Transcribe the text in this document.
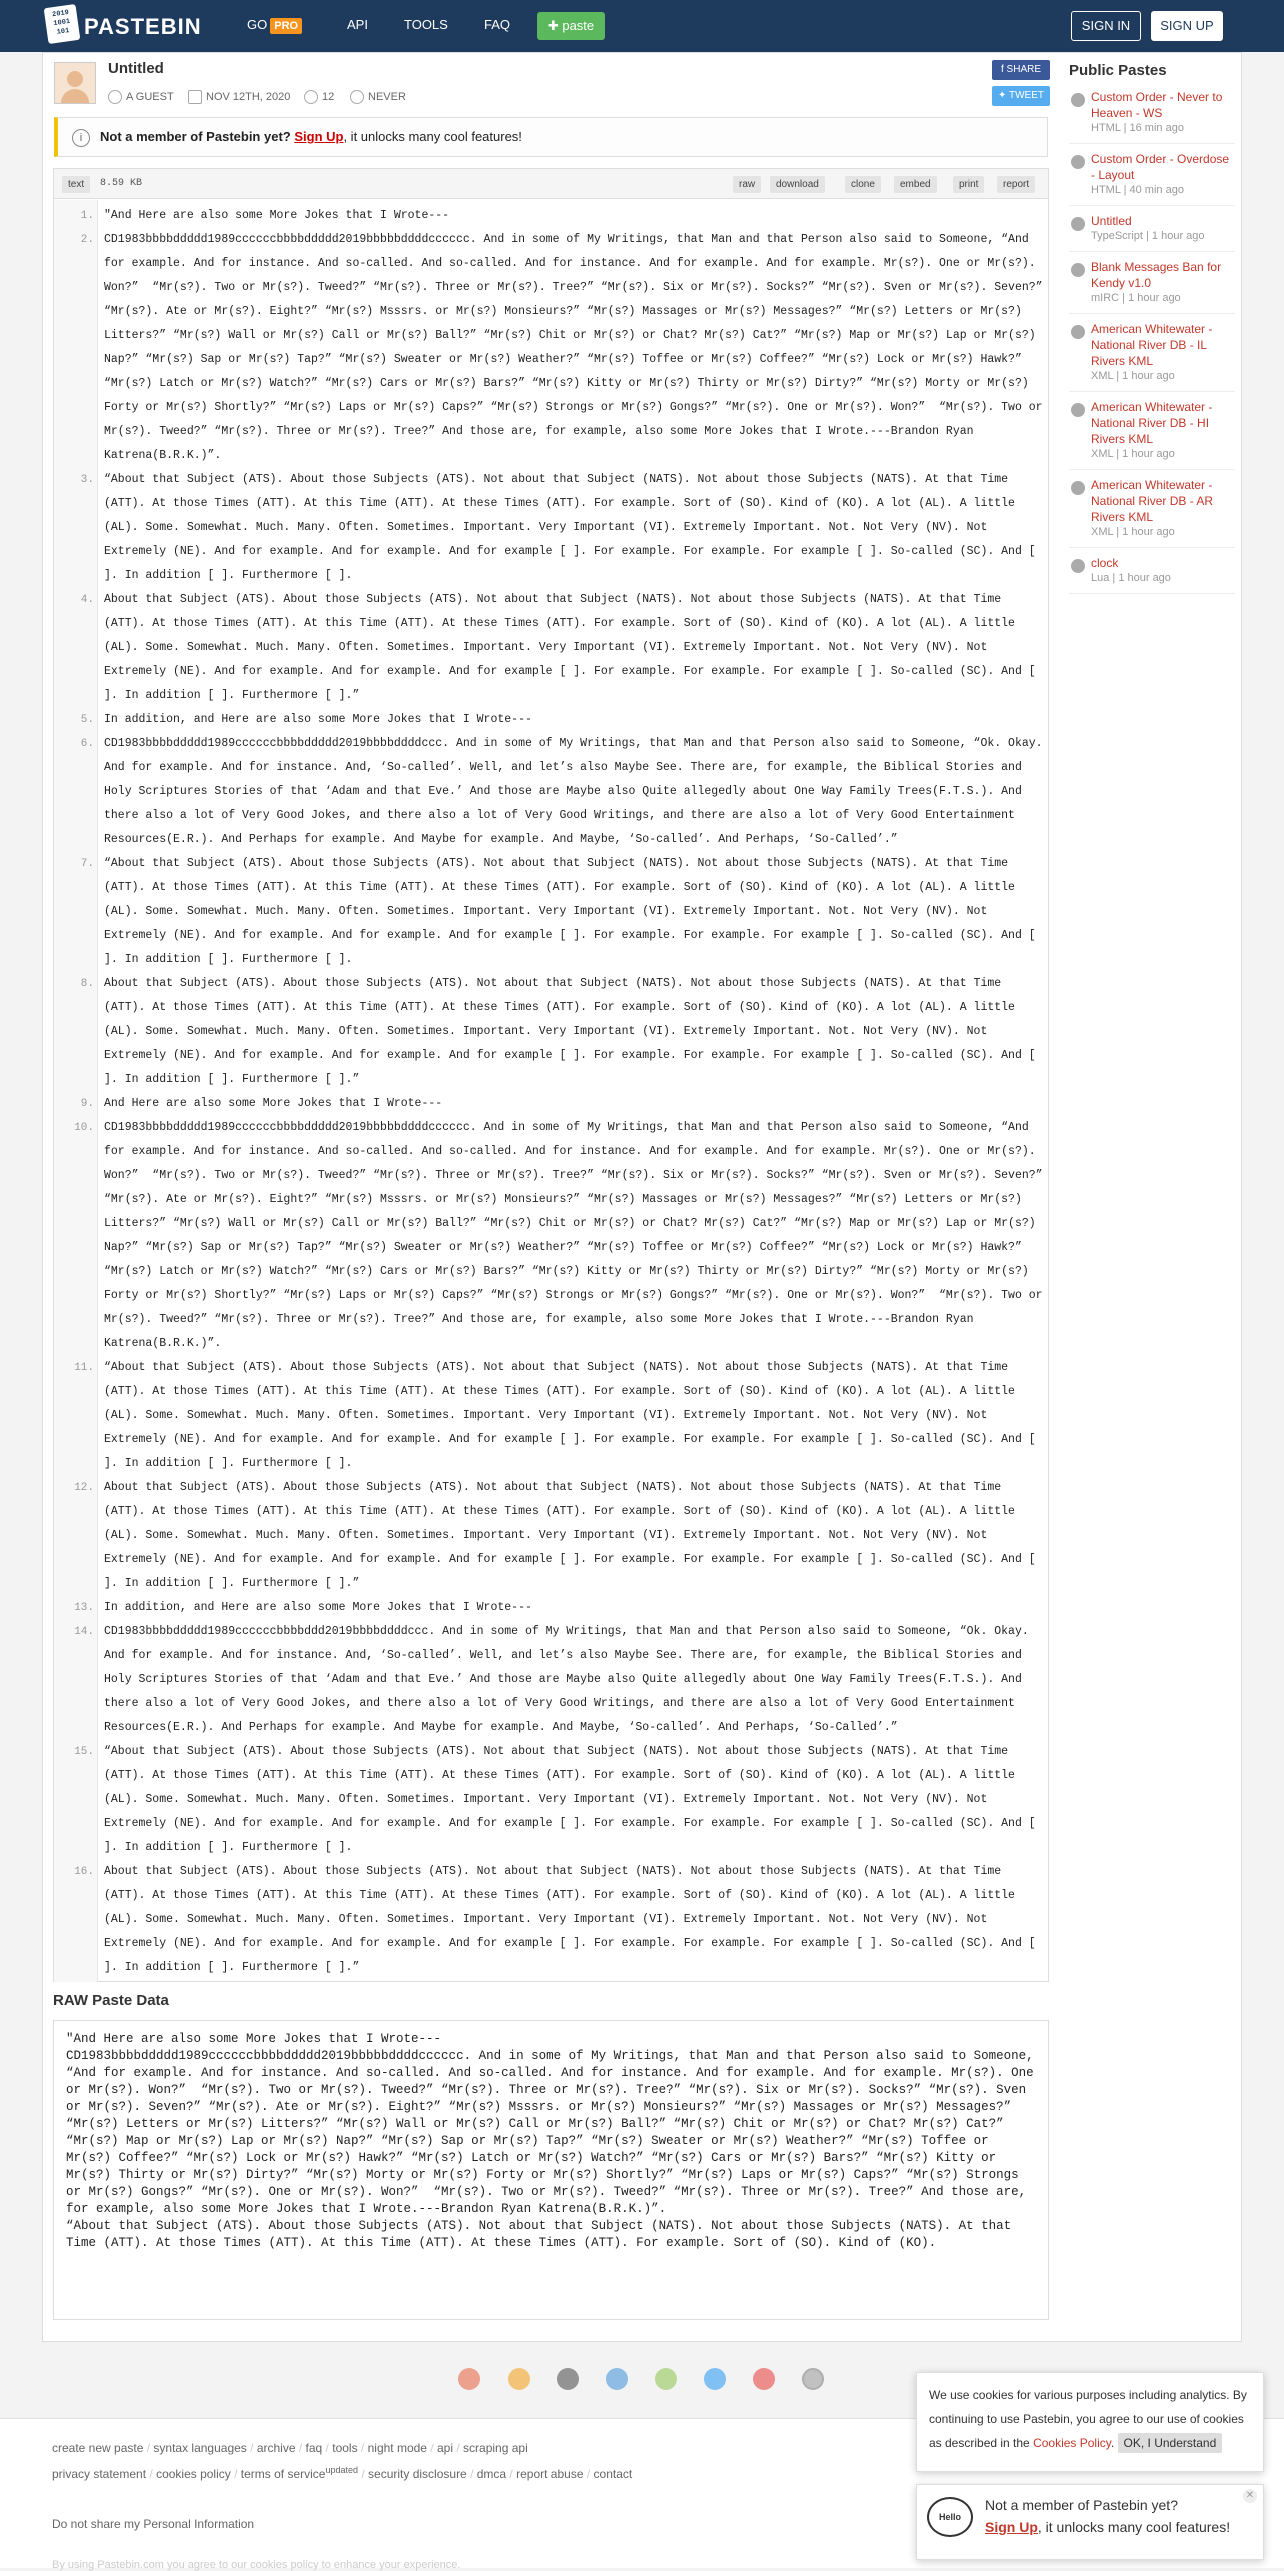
2019 1001 101 PASTEBIN	GO PRO	API	TOOLS	FAQ	✚ paste	SIGN IN	SIGN UP
Untitled
A GUEST	NOV 12TH, 2020	12	NEVER
f SHARE
✦ TWEET
i	Not a member of Pastebin yet? Sign Up, it unlocks many cool features!
text	8.59 KB	raw	download	clone	embed	print	report
1. "And Here are also some More Jokes that I Wrote---
2. CD1983bbbbddddd1989ccccccbbbbddddd2019bbbbbddddcccccc. And in some of My Writings, that Man and that Person also said to Someone, “And for example. And for instance. And so-called. And so-called. And for instance. And for example. And for example. Mr(s?). One or Mr(s?). Won?”  “Mr(s?). Two or Mr(s?). Tweed?” “Mr(s?). Three or Mr(s?). Tree?” “Mr(s?). Six or Mr(s?). Socks?” “Mr(s?). Sven or Mr(s?). Seven?” “Mr(s?). Ate or Mr(s?). Eight?” “Mr(s?) Msssrs. or Mr(s?) Monsieurs?” “Mr(s?) Massages or Mr(s?) Messages?” “Mr(s?) Letters or Mr(s?) Litters?” “Mr(s?) Wall or Mr(s?) Call or Mr(s?) Ball?” “Mr(s?) Chit or Mr(s?) or Chat? Mr(s?) Cat?” “Mr(s?) Map or Mr(s?) Lap or Mr(s?) Nap?” “Mr(s?) Sap or Mr(s?) Tap?” “Mr(s?) Sweater or Mr(s?) Weather?” “Mr(s?) Toffee or Mr(s?) Coffee?” “Mr(s?) Lock or Mr(s?) Hawk?” “Mr(s?) Latch or Mr(s?) Watch?” “Mr(s?) Cars or Mr(s?) Bars?” “Mr(s?) Kitty or Mr(s?) Thirty or Mr(s?) Dirty?” “Mr(s?) Morty or Mr(s?) Forty or Mr(s?) Shortly?” “Mr(s?) Laps or Mr(s?) Caps?” “Mr(s?) Strongs or Mr(s?) Gongs?” “Mr(s?). One or Mr(s?). Won?”  “Mr(s?). Two or Mr(s?). Tweed?” “Mr(s?). Three or Mr(s?). Tree?” And those are, for example, also some More Jokes that I Wrote.---Brandon Ryan Katrena(B.R.K.)”.
3. “About that Subject (ATS). About those Subjects (ATS). Not about that Subject (NATS). Not about those Subjects (NATS). At that Time (ATT). At those Times (ATT). At this Time (ATT). At these Times (ATT). For example. Sort of (SO). Kind of (KO). A lot (AL). A little (AL). Some. Somewhat. Much. Many. Often. Sometimes. Important. Very Important (VI). Extremely Important. Not. Not Very (NV). Not Extremely (NE). And for example. And for example. And for example [ ]. For example. For example. For example [ ]. So-called (SC). And [ ]. In addition [ ]. Furthermore [ ].
4. About that Subject (ATS). About those Subjects (ATS). Not about that Subject (NATS). Not about those Subjects (NATS). At that Time (ATT). At those Times (ATT). At this Time (ATT). At these Times (ATT). For example. Sort of (SO). Kind of (KO). A lot (AL). A little (AL). Some. Somewhat. Much. Many. Often. Sometimes. Important. Very Important (VI). Extremely Important. Not. Not Very (NV). Not Extremely (NE). And for example. And for example. And for example [ ]. For example. For example. For example [ ]. So-called (SC). And [ ]. In addition [ ]. Furthermore [ ].”
5. In addition, and Here are also some More Jokes that I Wrote---
6. CD1983bbbbddddd1989ccccccbbbbddddd2019bbbbddddccc. And in some of My Writings, that Man and that Person also said to Someone, “Ok. Okay. And for example. And for instance. And, ‘So-called’. Well, and let’s also Maybe See. There are, for example, the Biblical Stories and Holy Scriptures Stories of that ‘Adam and that Eve.’ And those are Maybe also Quite allegedly about One Way Family Trees(F.T.S.). And there also a lot of Very Good Jokes, and there also a lot of Very Good Writings, and there are also a lot of Very Good Entertainment Resources(E.R.). And Perhaps for example. And Maybe for example. And Maybe, ‘So-called’. And Perhaps, ‘So-Called’.”
7. “About that Subject (ATS). About those Subjects (ATS). Not about that Subject (NATS). Not about those Subjects (NATS). At that Time (ATT). At those Times (ATT). At this Time (ATT). At these Times (ATT). For example. Sort of (SO). Kind of (KO). A lot (AL). A little (AL). Some. Somewhat. Much. Many. Often. Sometimes. Important. Very Important (VI). Extremely Important. Not. Not Very (NV). Not Extremely (NE). And for example. And for example. And for example [ ]. For example. For example. For example [ ]. So-called (SC). And [ ]. In addition [ ]. Furthermore [ ].
8. About that Subject (ATS). About those Subjects (ATS). Not about that Subject (NATS). Not about those Subjects (NATS). At that Time (ATT). At those Times (ATT). At this Time (ATT). At these Times (ATT). For example. Sort of (SO). Kind of (KO). A lot (AL). A little (AL). Some. Somewhat. Much. Many. Often. Sometimes. Important. Very Important (VI). Extremely Important. Not. Not Very (NV). Not Extremely (NE). And for example. And for example. And for example [ ]. For example. For example. For example [ ]. So-called (SC). And [ ]. In addition [ ]. Furthermore [ ].”
9. And Here are also some More Jokes that I Wrote---
10. CD1983bbbbddddd1989ccccccbbbbddddd2019bbbbbddddcccccc. And in some of My Writings, that Man and that Person also said to Someone, “And for example. And for instance. And so-called. And so-called. And for instance. And for example. And for example. Mr(s?). One or Mr(s?). Won?”  “Mr(s?). Two or Mr(s?). Tweed?” “Mr(s?). Three or Mr(s?). Tree?” “Mr(s?). Six or Mr(s?). Socks?” “Mr(s?). Sven or Mr(s?). Seven?” “Mr(s?). Ate or Mr(s?). Eight?” “Mr(s?) Msssrs. or Mr(s?) Monsieurs?” “Mr(s?) Massages or Mr(s?) Messages?” “Mr(s?) Letters or Mr(s?) Litters?” “Mr(s?) Wall or Mr(s?) Call or Mr(s?) Ball?” “Mr(s?) Chit or Mr(s?) or Chat? Mr(s?) Cat?” “Mr(s?) Map or Mr(s?) Lap or Mr(s?) Nap?” “Mr(s?) Sap or Mr(s?) Tap?” “Mr(s?) Sweater or Mr(s?) Weather?” “Mr(s?) Toffee or Mr(s?) Coffee?” “Mr(s?) Lock or Mr(s?) Hawk?” “Mr(s?) Latch or Mr(s?) Watch?” “Mr(s?) Cars or Mr(s?) Bars?” “Mr(s?) Kitty or Mr(s?) Thirty or Mr(s?) Dirty?” “Mr(s?) Morty or Mr(s?) Forty or Mr(s?) Shortly?” “Mr(s?) Laps or Mr(s?) Caps?” “Mr(s?) Strongs or Mr(s?) Gongs?” “Mr(s?). One or Mr(s?). Won?”  “Mr(s?). Two or Mr(s?). Tweed?” “Mr(s?). Three or Mr(s?). Tree?” And those are, for example, also some More Jokes that I Wrote.---Brandon Ryan Katrena(B.R.K.)”.
11. “About that Subject (ATS). About those Subjects (ATS). Not about that Subject (NATS). Not about those Subjects (NATS). At that Time (ATT). At those Times (ATT). At this Time (ATT). At these Times (ATT). For example. Sort of (SO). Kind of (KO). A lot (AL). A little (AL). Some. Somewhat. Much. Many. Often. Sometimes. Important. Very Important (VI). Extremely Important. Not. Not Very (NV). Not Extremely (NE). And for example. And for example. And for example [ ]. For example. For example. For example [ ]. So-called (SC). And [ ]. In addition [ ]. Furthermore [ ].
12. About that Subject (ATS). About those Subjects (ATS). Not about that Subject (NATS). Not about those Subjects (NATS). At that Time (ATT). At those Times (ATT). At this Time (ATT). At these Times (ATT). For example. Sort of (SO). Kind of (KO). A lot (AL). A little (AL). Some. Somewhat. Much. Many. Often. Sometimes. Important. Very Important (VI). Extremely Important. Not. Not Very (NV). Not Extremely (NE). And for example. And for example. And for example [ ]. For example. For example. For example [ ]. So-called (SC). And [ ]. In addition [ ]. Furthermore [ ].”
13. In addition, and Here are also some More Jokes that I Wrote---
14. CD1983bbbbddddd1989ccccccbbbbddd2019bbbbddddccc. And in some of My Writings, that Man and that Person also said to Someone, “Ok. Okay. And for example. And for instance. And, ‘So-called’. Well, and let’s also Maybe See. There are, for example, the Biblical Stories and Holy Scriptures Stories of that ‘Adam and that Eve.’ And those are Maybe also Quite allegedly about One Way Family Trees(F.T.S.). And there also a lot of Very Good Jokes, and there also a lot of Very Good Writings, and there are also a lot of Very Good Entertainment Resources(E.R.). And Perhaps for example. And Maybe for example. And Maybe, ‘So-called’. And Perhaps, ‘So-Called’.”
15. “About that Subject (ATS). About those Subjects (ATS). Not about that Subject (NATS). Not about those Subjects (NATS). At that Time (ATT). At those Times (ATT). At this Time (ATT). At these Times (ATT). For example. Sort of (SO). Kind of (KO). A lot (AL). A little (AL). Some. Somewhat. Much. Many. Often. Sometimes. Important. Very Important (VI). Extremely Important. Not. Not Very (NV). Not Extremely (NE). And for example. And for example. And for example [ ]. For example. For example. For example [ ]. So-called (SC). And [ ]. In addition [ ]. Furthermore [ ].
16. About that Subject (ATS). About those Subjects (ATS). Not about that Subject (NATS). Not about those Subjects (NATS). At that Time (ATT). At those Times (ATT). At this Time (ATT). At these Times (ATT). For example. Sort of (SO). Kind of (KO). A lot (AL). A little (AL). Some. Somewhat. Much. Many. Often. Sometimes. Important. Very Important (VI). Extremely Important. Not. Not Very (NV). Not Extremely (NE). And for example. And for example. And for example [ ]. For example. For example. For example [ ]. So-called (SC). And [ ]. In addition [ ]. Furthermore [ ].”
RAW Paste Data
"And Here are also some More Jokes that I Wrote---
CD1983bbbbddddd1989ccccccbbbbddddd2019bbbbbddddcccccc. And in some of My Writings, that Man and that Person also said to Someone, “And for example. And for instance. And so-called. And so-called. And for instance. And for example. And for example. Mr(s?). One or Mr(s?). Won?”  “Mr(s?). Two or Mr(s?). Tweed?” “Mr(s?). Three or Mr(s?). Tree?” “Mr(s?). Six or Mr(s?). Socks?” “Mr(s?). Sven or Mr(s?). Seven?” “Mr(s?). Ate or Mr(s?). Eight?” “Mr(s?) Msssrs. or Mr(s?) Monsieurs?” “Mr(s?) Massages or Mr(s?) Messages?” “Mr(s?) Letters or Mr(s?) Litters?” “Mr(s?) Wall or Mr(s?) Call or Mr(s?) Ball?” “Mr(s?) Chit or Mr(s?) or Chat? Mr(s?) Cat?” “Mr(s?) Map or Mr(s?) Lap or Mr(s?) Nap?” “Mr(s?) Sap or Mr(s?) Tap?” “Mr(s?) Sweater or Mr(s?) Weather?” “Mr(s?) Toffee or Mr(s?) Coffee?” “Mr(s?) Lock or Mr(s?) Hawk?” “Mr(s?) Latch or Mr(s?) Watch?” “Mr(s?) Cars or Mr(s?) Bars?” “Mr(s?) Kitty or Mr(s?) Thirty or Mr(s?) Dirty?” “Mr(s?) Morty or Mr(s?) Forty or Mr(s?) Shortly?” “Mr(s?) Laps or Mr(s?) Caps?” “Mr(s?) Strongs or Mr(s?) Gongs?” “Mr(s?). One or Mr(s?). Won?”  “Mr(s?). Two or Mr(s?). Tweed?” “Mr(s?). Three or Mr(s?). Tree?” And those are, for example, also some More Jokes that I Wrote.---Brandon Ryan Katrena(B.R.K.)”.
“About that Subject (ATS). About those Subjects (ATS). Not about that Subject (NATS). Not about those Subjects (NATS). At that Time (ATT). At those Times (ATT). At this Time (ATT). At these Times (ATT). For example. Sort of (SO). Kind of (KO).
Public Pastes
Custom Order - Never to Heaven - WS
HTML | 16 min ago
Custom Order - Overdose - Layout
HTML | 40 min ago
Untitled
TypeScript | 1 hour ago
Blank Messages Ban for Kendy v1.0
mIRC | 1 hour ago
American Whitewater - National River DB - IL Rivers KML
XML | 1 hour ago
American Whitewater - National River DB - HI Rivers KML
XML | 1 hour ago
American Whitewater - National River DB - AR Rivers KML
XML | 1 hour ago
clock
Lua | 1 hour ago
create new paste / syntax languages / archive / faq / tools / night mode / api / scraping api
privacy statement / cookies policy / terms of service$^{updated}$ / security disclosure / dmca / report abuse / contact
Do not share my Personal Information
By using Pastebin.com you agree to our cookies policy to enhance your experience.
We use cookies for various purposes including analytics. By continuing to use Pastebin, you agree to our use of cookies as described in the Cookies Policy. OK, I Understand
Hello
✕
Not a member of Pastebin yet?
Sign Up, it unlocks many cool features!
